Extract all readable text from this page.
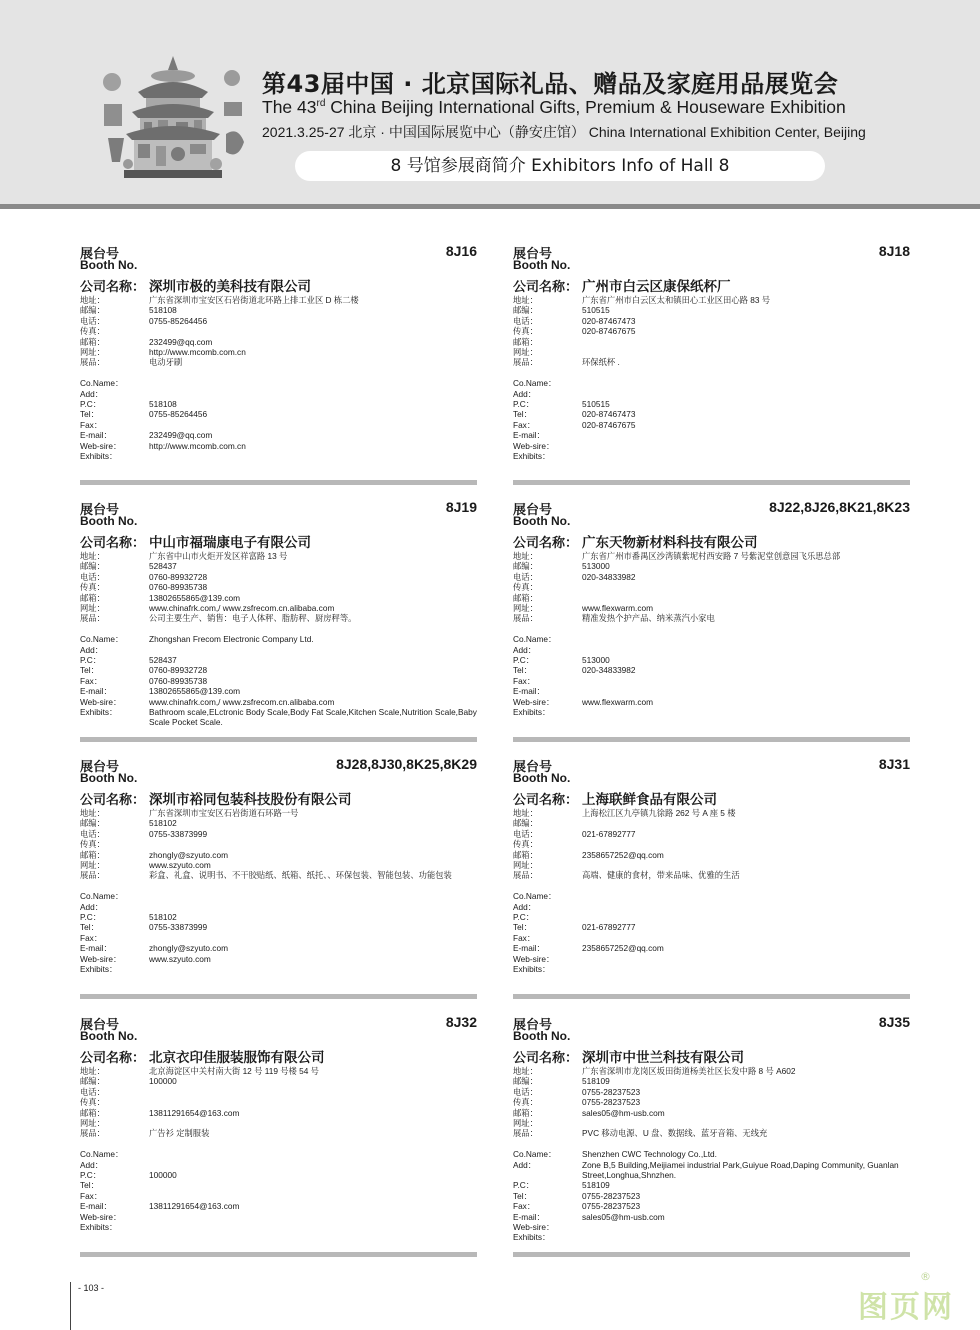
第43届中国 · 北京国际礼品、赠品及家庭用品展览会
The 43rd China Beijing International Gifts, Premium & Houseware Exhibition
2021.3.25-27 北京 · 中国国际展览中心（静安庄馆） China International Exhibition Center, Beijing
8 号馆参展商简介 Exhibitors Info of Hall 8
展台号
Booth No.
8J16
公司名称： 深圳市极的美科技有限公司
地址：	广东省深圳市宝安区石岩街道北环路上排工业区 D 栋二楼
邮编：	518108
电话：	0755-85264456
传真：
邮箱：	232499@qq.com
网址：	http://www.mcomb.com.cn
展品：	电动牙刷
Co.Name：
Add：
P.C：	518108
Tel：	0755-85264456
Fax：
E-mail：	232499@qq.com
Web-sire：	http://www.mcomb.com.cn
Exhibits：
展台号
Booth No.
8J18
公司名称： 广州市白云区康保纸杯厂
地址：	广东省广州市白云区太和镇田心工业区田心路 83 号
邮编：	510515
电话：	020-87467473
传真：	020-87467675
邮箱：
网址：
展品：	环保纸杯 .
Co.Name：
Add：
P.C：	510515
Tel：	020-87467473
Fax：	020-87467675
E-mail：
Web-sire：
Exhibits：
展台号
Booth No.
8J19
公司名称： 中山市福瑞康电子有限公司
地址：	广东省中山市火炬开发区祥富路 13 号
邮编：	528437
电话：	0760-89932728
传真：	0760-89935738
邮箱：	13802655865@139.com
网址：	www.chinafrk.com,/ www.zsfrecom.cn.alibaba.com
展品：	公司主要生产、销售：电子人体秤、脂肪秤、厨房秤等。
Co.Name：	Zhongshan Frecom Electronic Company Ltd.
Add：
P.C：	528437
Tel：	0760-89932728
Fax：	0760-89935738
E-mail：	13802655865@139.com
Web-sire：	www.chinafrk.com,/ www.zsfrecom.cn.alibaba.com
Exhibits：	Bathroom scale,ELctronic Body Scale,Body Fat Scale,Kitchen Scale,Nutrition Scale,Baby Scale Pocket Scale.
展台号
Booth No.
8J22,8J26,8K21,8K23
公司名称： 广东天物新材料科技有限公司
地址：	广东省广州市番禺区沙湾镇紫坭村西安路 7 号紫泥堂创意园飞乐思总部
邮编：	513000
电话：	020-34833982
传真：
邮箱：
网址：	www.flexwarm.com
展品：	精准发热个护产品、纳米蒸汽小家电
Co.Name：
Add：
P.C：	513000
Tel：	020-34833982
Fax：
E-mail：
Web-sire：	www.flexwarm.com
Exhibits：
展台号
Booth No.
8J28,8J30,8K25,8K29
公司名称： 深圳市裕同包装科技股份有限公司
地址：	广东省深圳市宝安区石岩街道石环路一号
邮编：	518102
电话：	0755-33873999
传真：
邮箱：	zhongly@szyuto.com
网址：	www.szyuto.com
展品：	彩盒、礼盒、说明书、不干胶贴纸、纸箱、纸托、、环保包装、智能包装、功能包装
Co.Name：
Add：
P.C：	518102
Tel：	0755-33873999
Fax：
E-mail：	zhongly@szyuto.com
Web-sire：	www.szyuto.com
Exhibits：
展台号
Booth No.
8J31
公司名称： 上海联鲜食品有限公司
地址：	上海松江区九亭镇九徐路 262 号 A 座 5 楼
邮编：
电话：	021-67892777
传真：
邮箱：	2358657252@qq.com
网址：
展品：	高端、健康的食材，带来品味、优雅的生活
Co.Name：
Add：
P.C：
Tel：	021-67892777
Fax：
E-mail：	2358657252@qq.com
Web-sire：
Exhibits：
展台号
Booth No.
8J32
公司名称： 北京衣印佳服装服饰有限公司
地址：	北京海淀区中关村南大街 12 号 119 号楼 54 号
邮编：	100000
电话：
传真：
邮箱：	13811291654@163.com
网址：
展品：	广告衫 定制服装
Co.Name：
Add：
P.C：	100000
Tel：
Fax：
E-mail：	13811291654@163.com
Web-sire：
Exhibits：
展台号
Booth No.
8J35
公司名称： 深圳市中世兰科技有限公司
地址：	广东省深圳市龙岗区坂田街道杨美社区长发中路 8 号 A602
邮编：	518109
电话：	0755-28237523
传真：	0755-28237523
邮箱：	sales05@hm-usb.com
网址：
展品：	PVC 移动电源、U 盘、数据线、蓝牙音箱、无线充
Co.Name：	Shenzhen CWC Technology Co.,Ltd.
Add：	Zone B,5 Building,Meijiamei industrial Park,Guiyue Road,Daping Community, Guanlan Street,Longhua,Shnzhen.
P.C：	518109
Tel：	0755-28237523
Fax：	0755-28237523
E-mail：	sales05@hm-usb.com
Web-sire：
Exhibits：
- 103 -
图页网
®
